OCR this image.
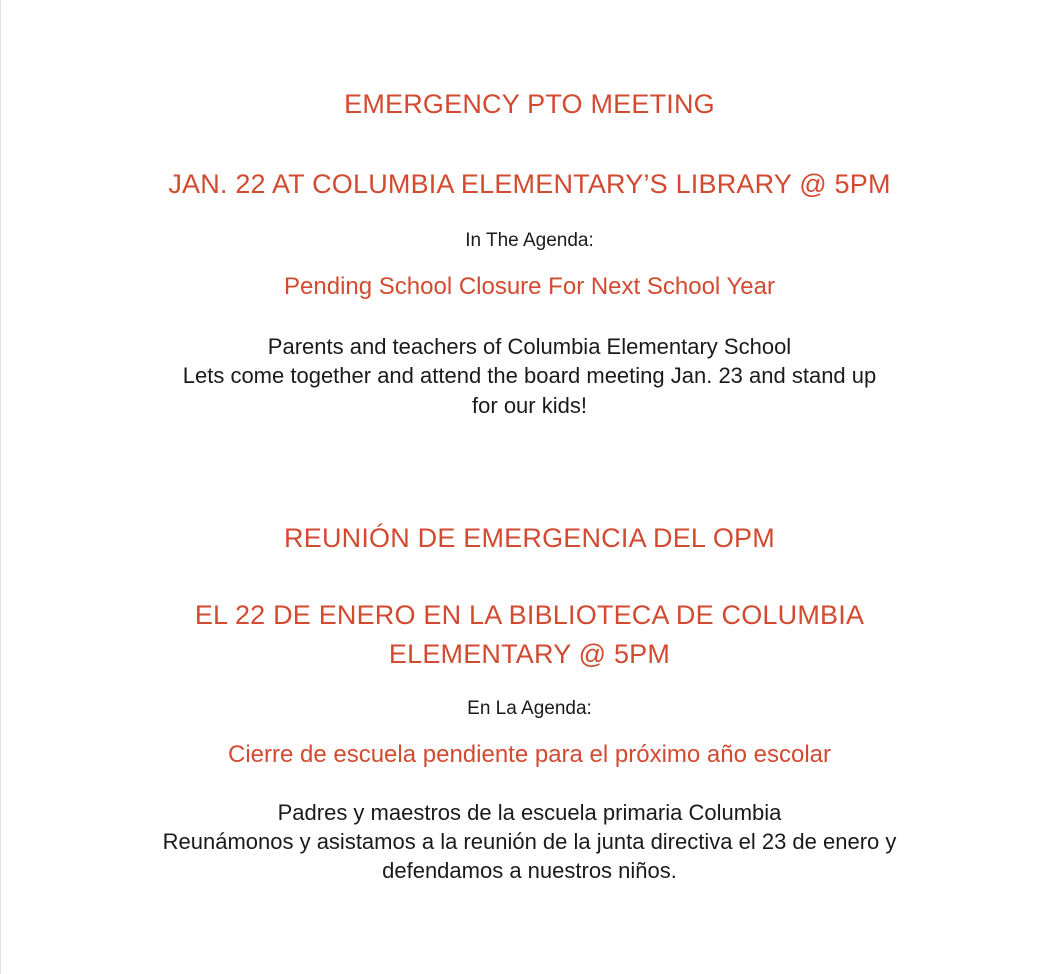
EMERGENCY PTO MEETING

JAN. 22 AT COLUMBIA ELEMENTARY’S LIBRARY @ 5PM

In The Agenda:

Pending School Closure For Next School Year

Parents and teachers of Columbia Elementary School

Lets come together and attend the board meeting Jan. 23 and stand up

for our kids!

REUNIÓN DE EMERGENCIA DEL OPM

EL 22 DE ENERO EN LA BIBLIOTECA DE COLUMBIA

ELEMENTARY @ 5PM

En La Agenda:

Cierre de escuela pendiente para el próximo año escolar

Padres y maestros de la escuela primaria Columbia

Reunámonos y asistamos a la reunión de la junta directiva el 23 de enero y

defendamos a nuestros niños.
